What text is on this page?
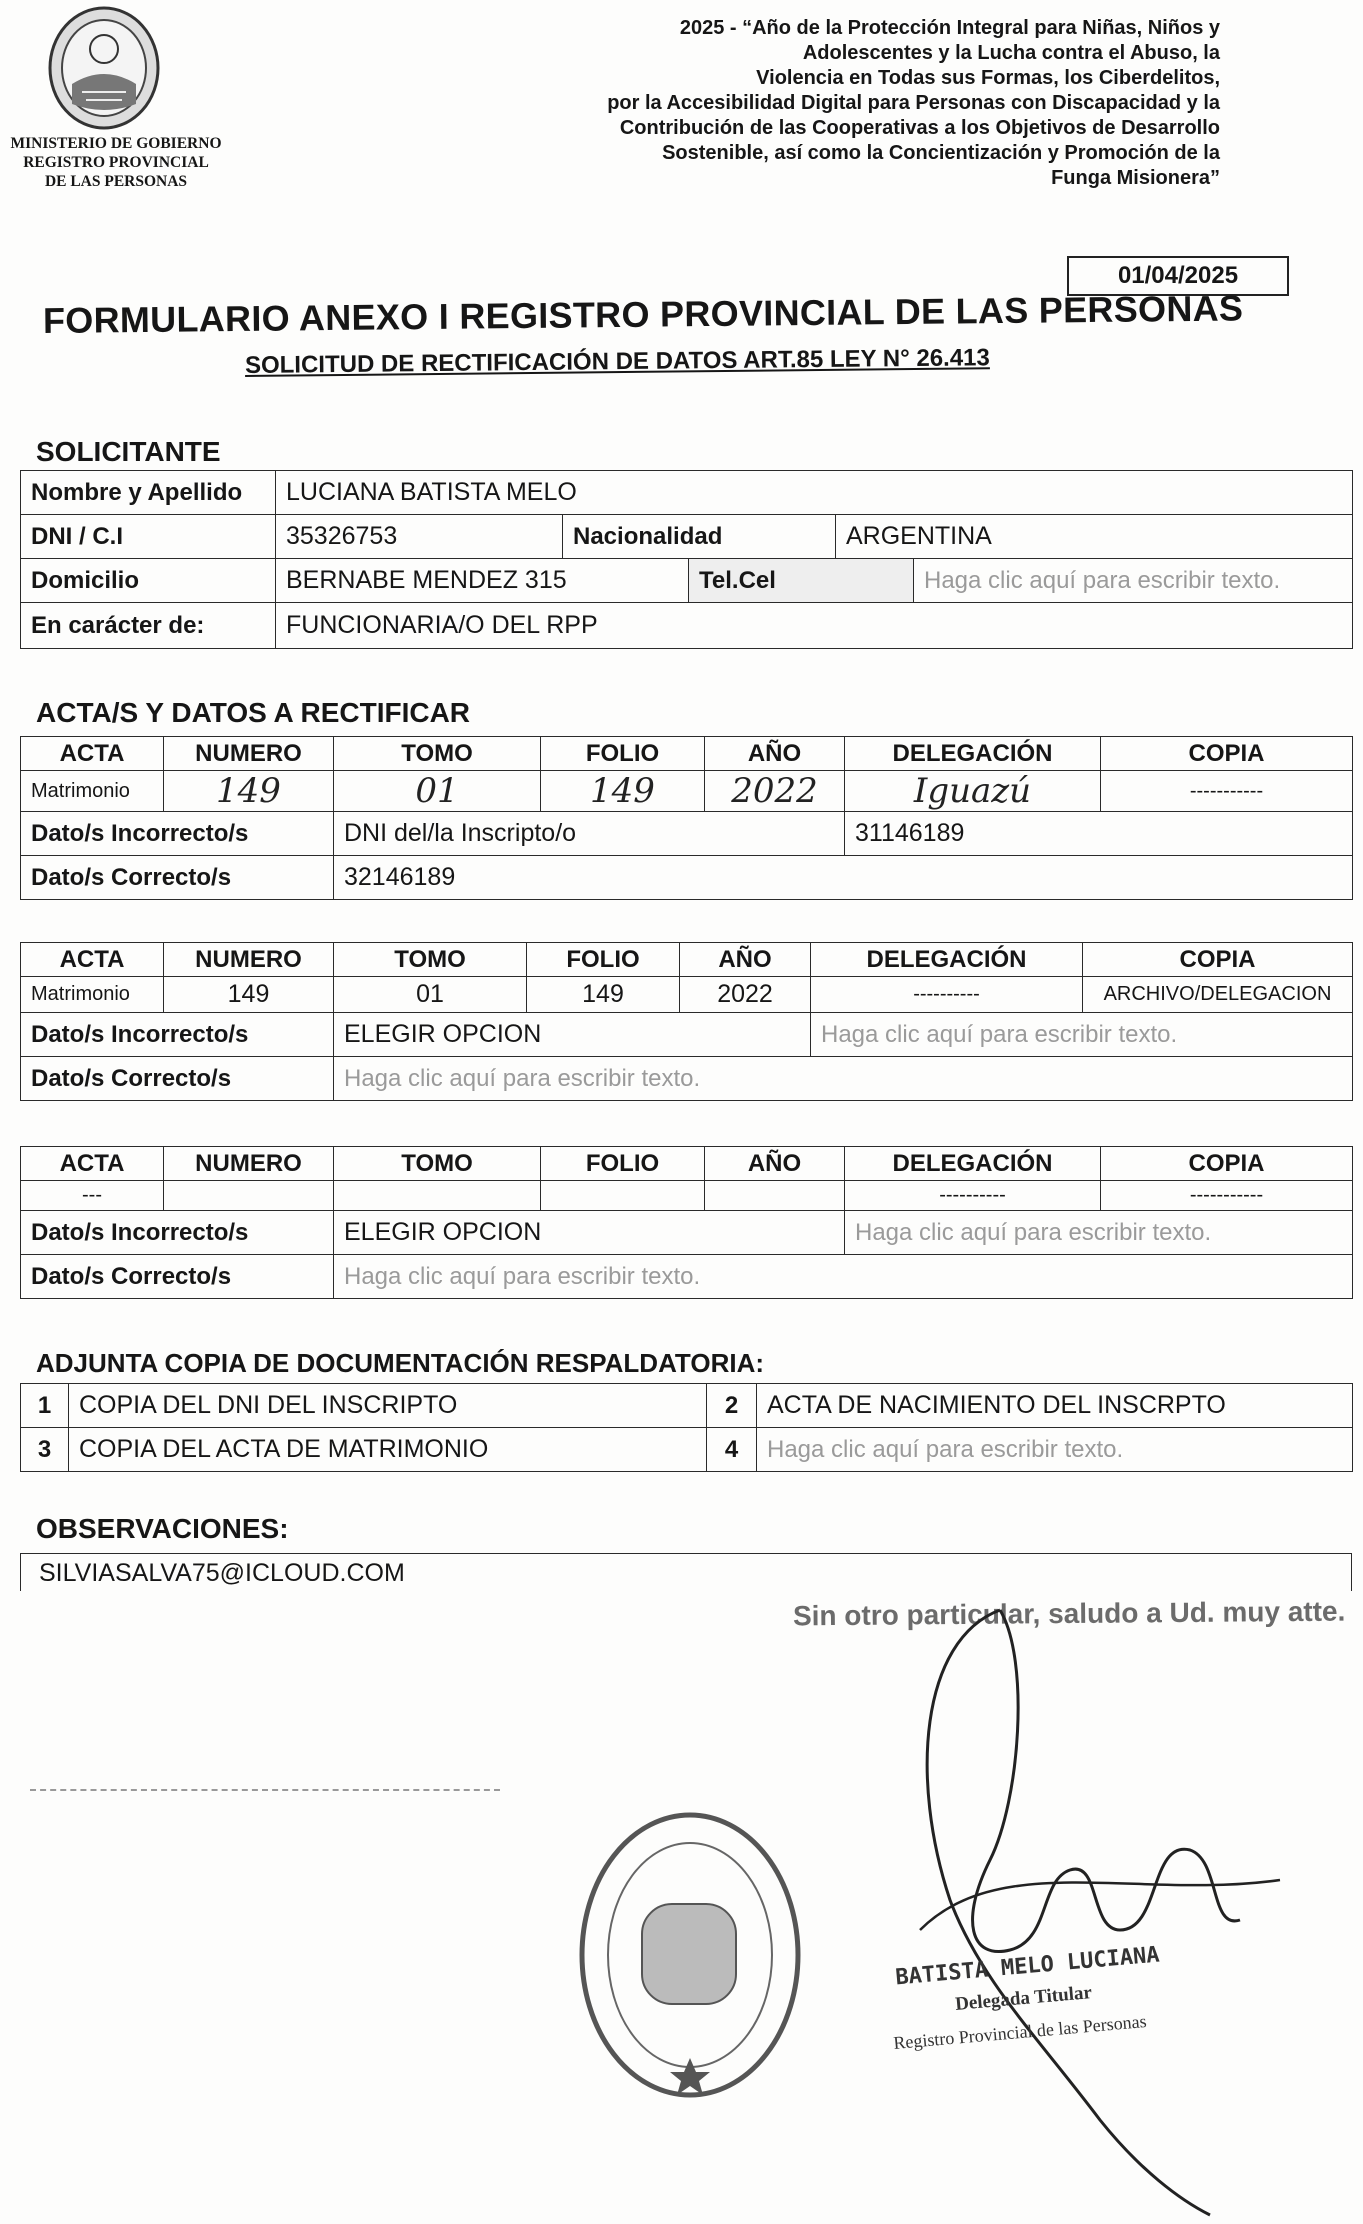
MINISTERIO DE GOBIERNO
REGISTRO PROVINCIAL
DE LAS PERSONAS
2025 - “Año de la Protección Integral para Niñas, Niños y
Adolescentes y la Lucha contra el Abuso, la
Violencia en Todas sus Formas, los Ciberdelitos,
por la Accesibilidad Digital para Personas con Discapacidad y la
Contribución de las Cooperativas a los Objetivos de Desarrollo
Sostenible, así como la Concientización y Promoción de la
Funga Misionera”
01/04/2025
FORMULARIO ANEXO I REGISTRO PROVINCIAL DE LAS PERSONAS
SOLICITUD DE RECTIFICACIÓN DE DATOS ART.85 LEY N° 26.413
SOLICITANTE
Nombre y Apellido	LUCIANA BATISTA MELO				
DNI / C.I	35326753	Nacionalidad		ARGENTINA	
Domicilio	BERNABE MENDEZ 315		Tel.Cel		Haga clic aquí para escribir texto.
En carácter de:	FUNCIONARIA/O DEL RPP				
ACTA/S Y DATOS A RECTIFICAR
ACTA	NUMERO	TOMO	FOLIO	AÑO	DELEGACIÓN	COPIA
Matrimonio	149	01	149	2022	Iguazú	-----------
Dato/s Incorrecto/s		DNI del/la Inscripto/o			31146189	
Dato/s Correcto/s		32146189				
ACTA	NUMERO	TOMO	FOLIO	AÑO	DELEGACIÓN	COPIA
Matrimonio	149	01	149	2022	----------	ARCHIVO/DELEGACION
Dato/s Incorrecto/s		ELEGIR OPCION			Haga clic aquí para escribir texto.	
Dato/s Correcto/s		Haga clic aquí para escribir texto.				
ACTA	NUMERO	TOMO	FOLIO	AÑO	DELEGACIÓN	COPIA
---					----------	-----------
Dato/s Incorrecto/s		ELEGIR OPCION			Haga clic aquí para escribir texto.	
Dato/s Correcto/s		Haga clic aquí para escribir texto.				
ADJUNTA COPIA DE DOCUMENTACIÓN RESPALDATORIA:
1	COPIA DEL DNI DEL INSCRIPTO	2	ACTA DE NACIMIENTO DEL INSCRPTO
3	COPIA DEL ACTA DE MATRIMONIO	4	Haga clic aquí para escribir texto.
OBSERVACIONES:
SILVIASALVA75@ICLOUD.COM
Sin otro particular, saludo a Ud. muy atte.
BATISTA MELO LUCIANA
Delegada Titular
Registro Provincial de las Personas
